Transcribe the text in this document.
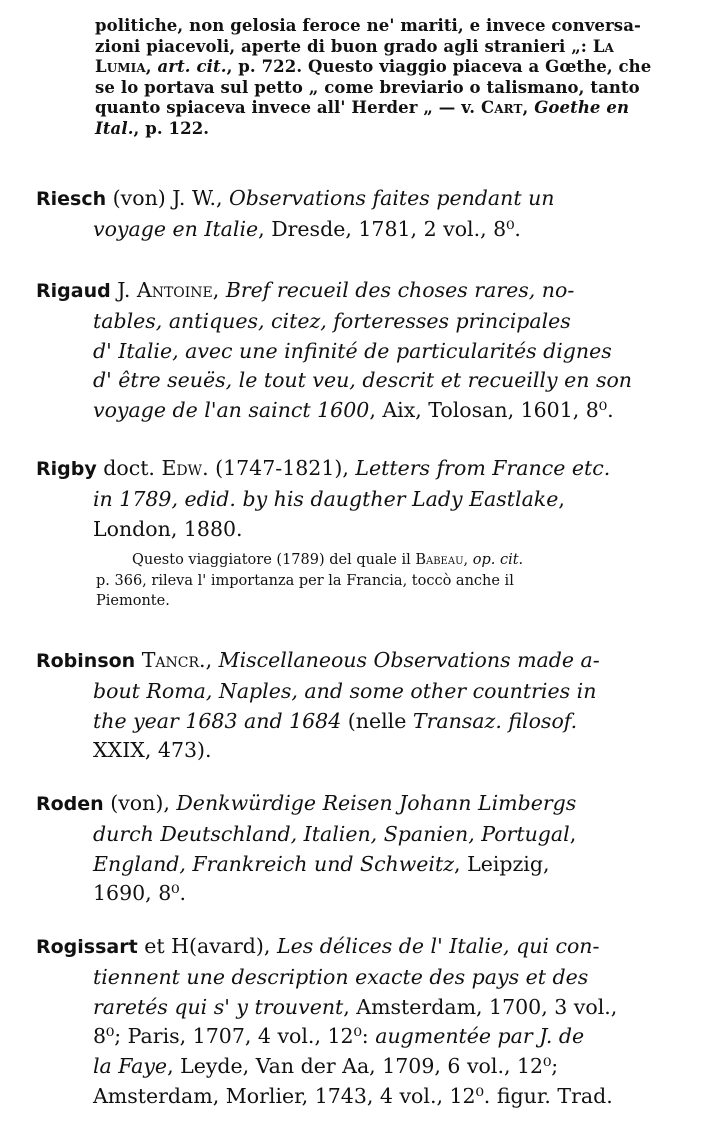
politiche, non gelosia feroce ne' mariti, e invece conversa-
zioni piacevoli, aperte di buon grado agli stranieri „: La
Lumia, art. cit., p. 722. Questo viaggio piaceva a Gœthe, che
se lo portava sul petto „ come breviario o talismano, tanto
quanto spiaceva invece all' Herder „ — v. Cart, Goethe en
Ital., p. 122.
Riesch (von) J. W., Observations faites pendant un
voyage en Italie, Dresde, 1781, 2 vol., 8⁰.
Rigaud J. Antoine, Bref recueil des choses rares, no-
tables, antiques, citez, forteresses principales
d' Italie, avec une infinité de particularités dignes
d' être seuës, le tout veu, descrit et recueilly en son
voyage de l'an sainct 1600, Aix, Tolosan, 1601, 8⁰.
Rigby doct. Edw. (1747-1821), Letters from France etc.
in 1789, edid. by his daugther Lady Eastlake,
London, 1880.
Questo viaggiatore (1789) del quale il Babeau, op. cit.
p. 366, rileva l' importanza per la Francia, toccò anche il
Piemonte.
Robinson Tancr., Miscellaneous Observations made a-
bout Roma, Naples, and some other countries in
the year 1683 and 1684 (nelle Transaz. filosof.
XXIX, 473).
Roden (von), Denkwürdige Reisen Johann Limbergs
durch Deutschland, Italien, Spanien, Portugal,
England, Frankreich und Schweitz, Leipzig,
1690, 8⁰.
Rogissart et H(avard), Les délices de l' Italie, qui con-
tiennent une description exacte des pays et des
raretés qui s' y trouvent, Amsterdam, 1700, 3 vol.,
8⁰; Paris, 1707, 4 vol., 12⁰: augmentée par J. de
la Faye, Leyde, Van der Aa, 1709, 6 vol., 12⁰;
Amsterdam, Morlier, 1743, 4 vol., 12⁰. figur. Trad.
